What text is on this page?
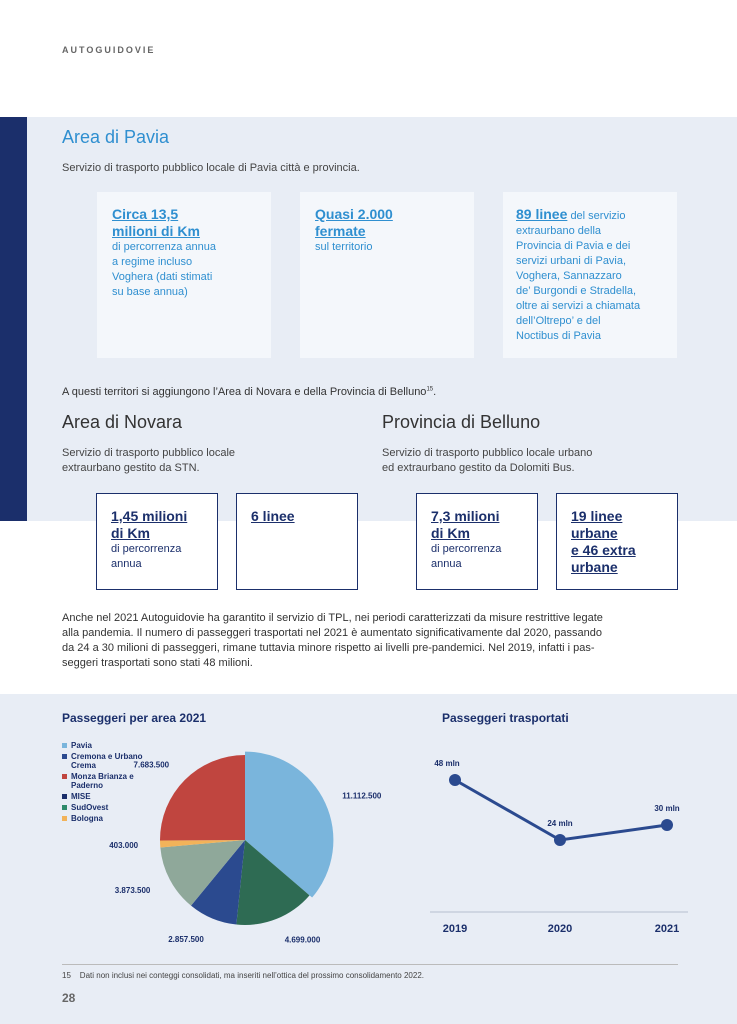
AUTOGUIDOVIE
Area di Pavia
Servizio di trasporto pubblico locale di Pavia città e provincia.
Circa 13,5
milioni di Km
di percorrenza annua
a regime incluso
Voghera (dati stimati
su base annua)
Quasi 2.000
fermate
sul territorio
89 linee del servizio
extraurbano della
Provincia di Pavia e dei
servizi urbani di Pavia,
Voghera, Sannazzaro
de’ Burgondi e Stradella,
oltre ai servizi a chiamata
dell’Oltrepo’ e del
Noctibus di Pavia
A questi territori si aggiungono l’Area di Novara e della Provincia di Belluno$^{15}$.
Area di Novara
Servizio di trasporto pubblico locale
extraurbano gestito da STN.
1,45 milioni
di Km
di percorrenza
annua
6 linee
Provincia di Belluno
Servizio di trasporto pubblico locale urbano
ed extraurbano gestito da Dolomiti Bus.
7,3 milioni
di Km
di percorrenza
annua
19 linee
urbane
e 46 extra
urbane
Anche nel 2021 Autoguidovie ha garantito il servizio di TPL, nei periodi caratterizzati da misure restrittive legate
alla pandemia. Il numero di passeggeri trasportati nel 2021 è aumentato significativamente dal 2020, passando
da 24 a 30 milioni di passeggeri, rimane tuttavia minore rispetto ai livelli pre-pandemici. Nel 2019, infatti i pas-
seggeri trasportati sono stati 48 milioni.
Passeggeri per area 2021
Pavia
Cremona e Urbano Crema
Monza Brianza e Paderno
MISE
SudOvest
Bologna
11.112.500
4.699.000
2.857.500
3.873.500
403.000
7.683.500
Passeggeri trasportati
48 mln
2019
24 mln
2020
30 mln
2021
15 Dati non inclusi nei conteggi consolidati, ma inseriti nell’ottica del prossimo consolidamento 2022.
28
